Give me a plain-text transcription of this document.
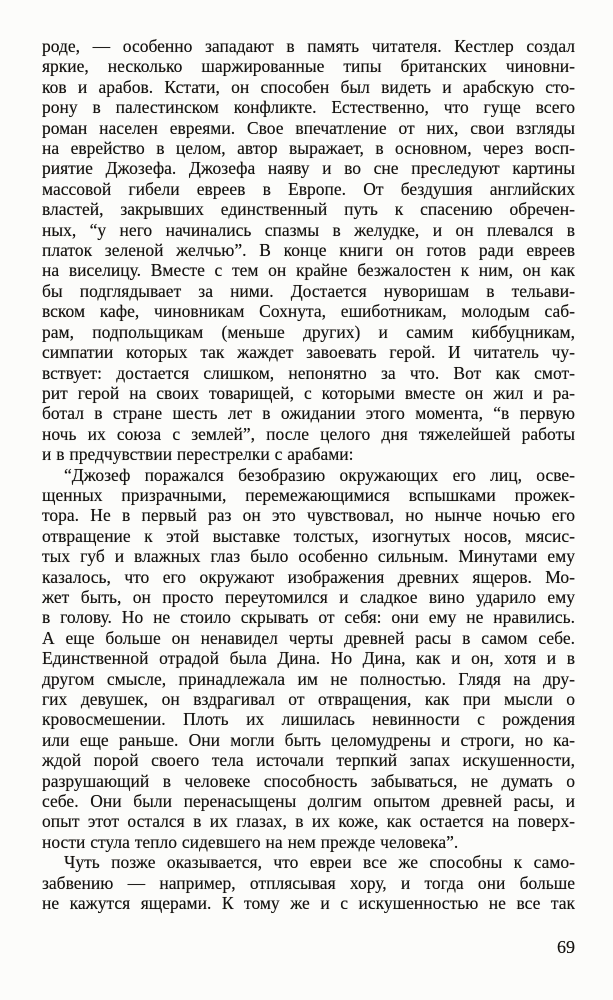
роде, — особенно западают в память читателя. Кестлер создал
яркие, несколько шаржированные типы британских чиновни-
ков и арабов. Кстати, он способен был видеть и арабскую сто-
рону в палестинском конфликте. Естественно, что гуще всего
роман населен евреями. Свое впечатление от них, свои взгляды
на еврейство в целом, автор выражает, в основном, через восп-
риятие Джозефа. Джозефа наяву и во сне преследуют картины
массовой гибели евреев в Европе. От бездушия английских
властей, закрывших единственный путь к спасению обречен-
ных, “у него начинались спазмы в желудке, и он плевался в
платок зеленой желчью”. В конце книги он готов ради евреев
на виселицу. Вместе с тем он крайне безжалостен к ним, он как
бы подглядывает за ними. Достается нуворишам в тельави-
вском кафе, чиновникам Сохнута, ешиботникам, молодым саб-
рам, подпольщикам (меньше других) и самим киббуцникам,
симпатии которых так жаждет завоевать герой. И читатель чу-
вствует: достается слишком, непонятно за что. Вот как смот-
рит герой на своих товарищей, с которыми вместе он жил и ра-
ботал в стране шесть лет в ожидании этого момента, “в первую
ночь их союза с землей”, после целого дня тяжелейшей работы
и в предчувствии перестрелки с арабами:
“Джозеф поражался безобразию окружающих его лиц, осве-
щенных призрачными, перемежающимися вспышками прожек-
тора. Не в первый раз он это чувствовал, но нынче ночью его
отвращение к этой выставке толстых, изогнутых носов, мясис-
тых губ и влажных глаз было особенно сильным. Минутами ему
казалось, что его окружают изображения древних ящеров. Мо-
жет быть, он просто переутомился и сладкое вино ударило ему
в голову. Но не стоило скрывать от себя: они ему не нравились.
А еще больше он ненавидел черты древней расы в самом себе.
Единственной отрадой была Дина. Но Дина, как и он, хотя и в
другом смысле, принадлежала им не полностью. Глядя на дру-
гих девушек, он вздрагивал от отвращения, как при мысли о
кровосмешении. Плоть их лишилась невинности с рождения
или еще раньше. Они могли быть целомудрены и строги, но ка-
ждой порой своего тела источали терпкий запах искушенности,
разрушающий в человеке способность забываться, не думать о
себе. Они были перенасыщены долгим опытом древней расы, и
опыт этот остался в их глазах, в их коже, как остается на поверх-
ности стула тепло сидевшего на нем прежде человека”.
Чуть позже оказывается, что евреи все же способны к само-
забвению — например, отплясывая хору, и тогда они больше
не кажутся ящерами. К тому же и с искушенностью не все так
69
